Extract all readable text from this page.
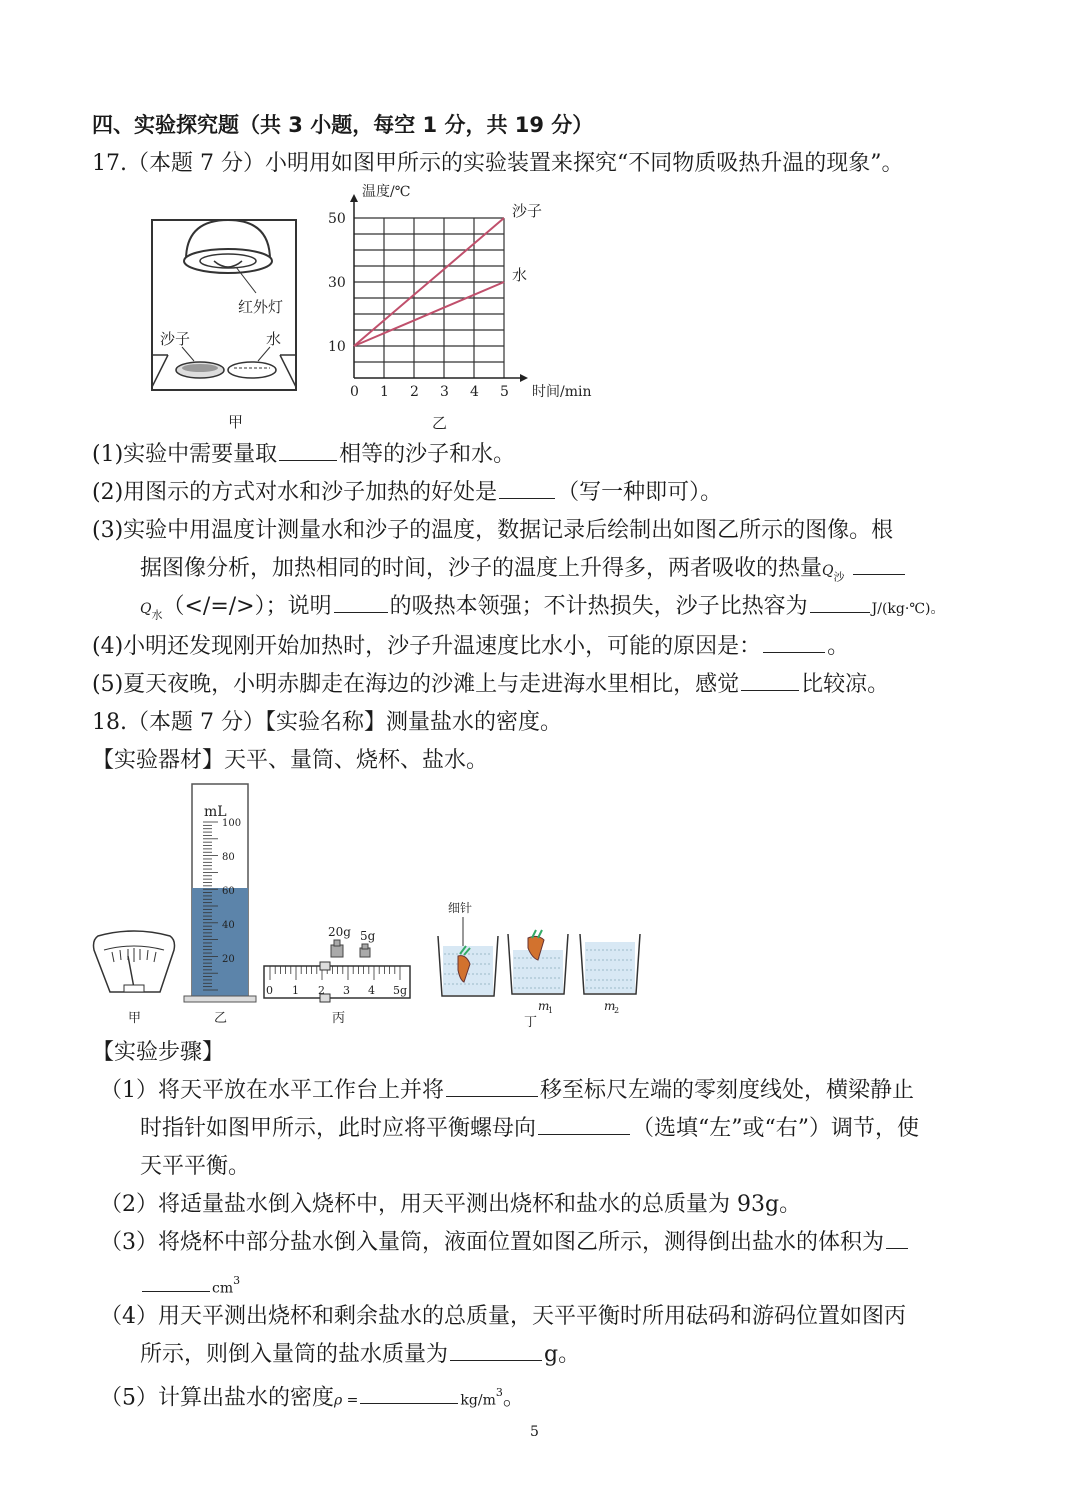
四、实验探究题（共 3 小题，每空 1 分，共 19 分）
17.（本题 7 分）小明用如图甲所示的实验装置来探究“不同物质吸热升温的现象”。
红外灯
沙子	水
甲
沙子
水
0 1 2 3 4 5
10
30
50
时间/min
温度/℃
乙
(1)实验中需要量取	相等的沙子和水。
(2)用图示的方式对水和沙子加热的好处是	（写一种即可）。
(3)实验中用温度计测量水和沙子的温度，数据记录后绘制出如图乙所示的图像。根
据图像分析，加热相同的时间，沙子的温度上升得多，两者吸收的热量$Q_沙$
$Q_水(</=/>)$；说明	的吸热本领强；不计热损失，沙子比热容为	J/(kg·℃)。
(4)小明还发现刚开始加热时，沙子升温速度比水小，可能的原因是：	。
(5)夏天夜晚，小明赤脚走在海边的沙滩上与走进海水里相比，感觉	比较凉。
18.（本题 7 分）【实验名称】测量盐水的密度。
【实验器材】天平、量筒、烧杯、盐水。
甲
mL
100
80
60
40
20
乙
20g 5g
0 1 2 3 4 5g
丙
细针
m
1	m
2
丁
【实验步骤】
（1）将天平放在水平工作台上并将	移至标尺左端的零刻度线处，横梁静止
时指针如图甲所示，此时应将平衡螺母向	（选填“左”或“右”）调节，使
天平平衡。
（2）将适量盐水倒入烧杯中，用天平测出烧杯和盐水的总质量为 93g。
（3）将烧杯中部分盐水倒入量筒，液面位置如图乙所示，测得倒出盐水的体积为
$cm^3$
（4）用天平测出烧杯和剩余盐水的总质量，天平平衡时所用砝码和游码位置如图丙
所示，则倒入量筒的盐水质量为	g。
（5）计算出盐水的密度ρ =	$kg/m^3$。
5
